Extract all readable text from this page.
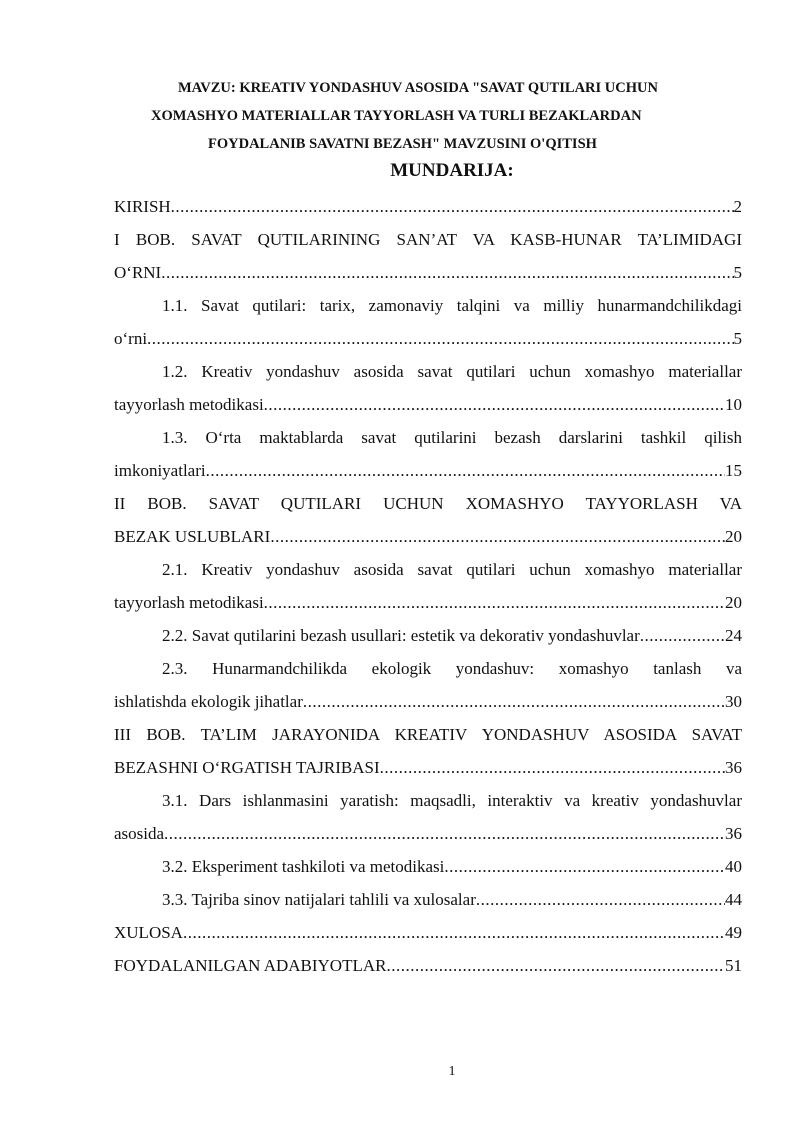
MAVZU: KREATIV YONDASHUV ASOSIDA "SAVAT QUTILARI UCHUN
XOMASHYO MATERIALLAR TAYYORLASH VA TURLI BEZAKLARDAN
FOYDALANIB SAVATNI BEZASH" MAVZUSINI O'QITISH
MUNDARIJA:
KIRISH .....	2
I BOB. SAVAT QUTILARINING SAN’AT VA KASB-HUNAR TA’LIMIDAGI
O‘RNI .....	5
1.1. Savat qutilari: tarix, zamonaviy talqini va milliy hunarmandchilikdagi
o‘rni .....	5
1.2. Kreativ yondashuv asosida savat qutilari uchun xomashyo materiallar
tayyorlash metodikasi .....	10
1.3. O‘rta maktablarda savat qutilarini bezash darslarini tashkil qilish
imkoniyatlari .....	15
II BOB. SAVAT QUTILARI UCHUN XOMASHYO TAYYORLASH VA
BEZAK USLUBLARI .....	20
2.1. Kreativ yondashuv asosida savat qutilari uchun xomashyo materiallar
tayyorlash metodikasi .....	20
2.2. Savat qutilarini bezash usullari: estetik va dekorativ yondashuvlar .....	24
2.3. Hunarmandchilikda ekologik yondashuv: xomashyo tanlash va
ishlatishda ekologik jihatlar .....	30
III BOB. TA’LIM JARAYONIDA KREATIV YONDASHUV ASOSIDA SAVAT
BEZASHNI O‘RGATISH TAJRIBASI .....	36
3.1. Dars ishlanmasini yaratish: maqsadli, interaktiv va kreativ yondashuvlar
asosida .....	36
3.2. Eksperiment tashkiloti va metodikasi .....	40
3.3. Tajriba sinov natijalari tahlili va xulosalar .....	44
XULOSA .....	49
FOYDALANILGAN ADABIYOTLAR .....	51
1
